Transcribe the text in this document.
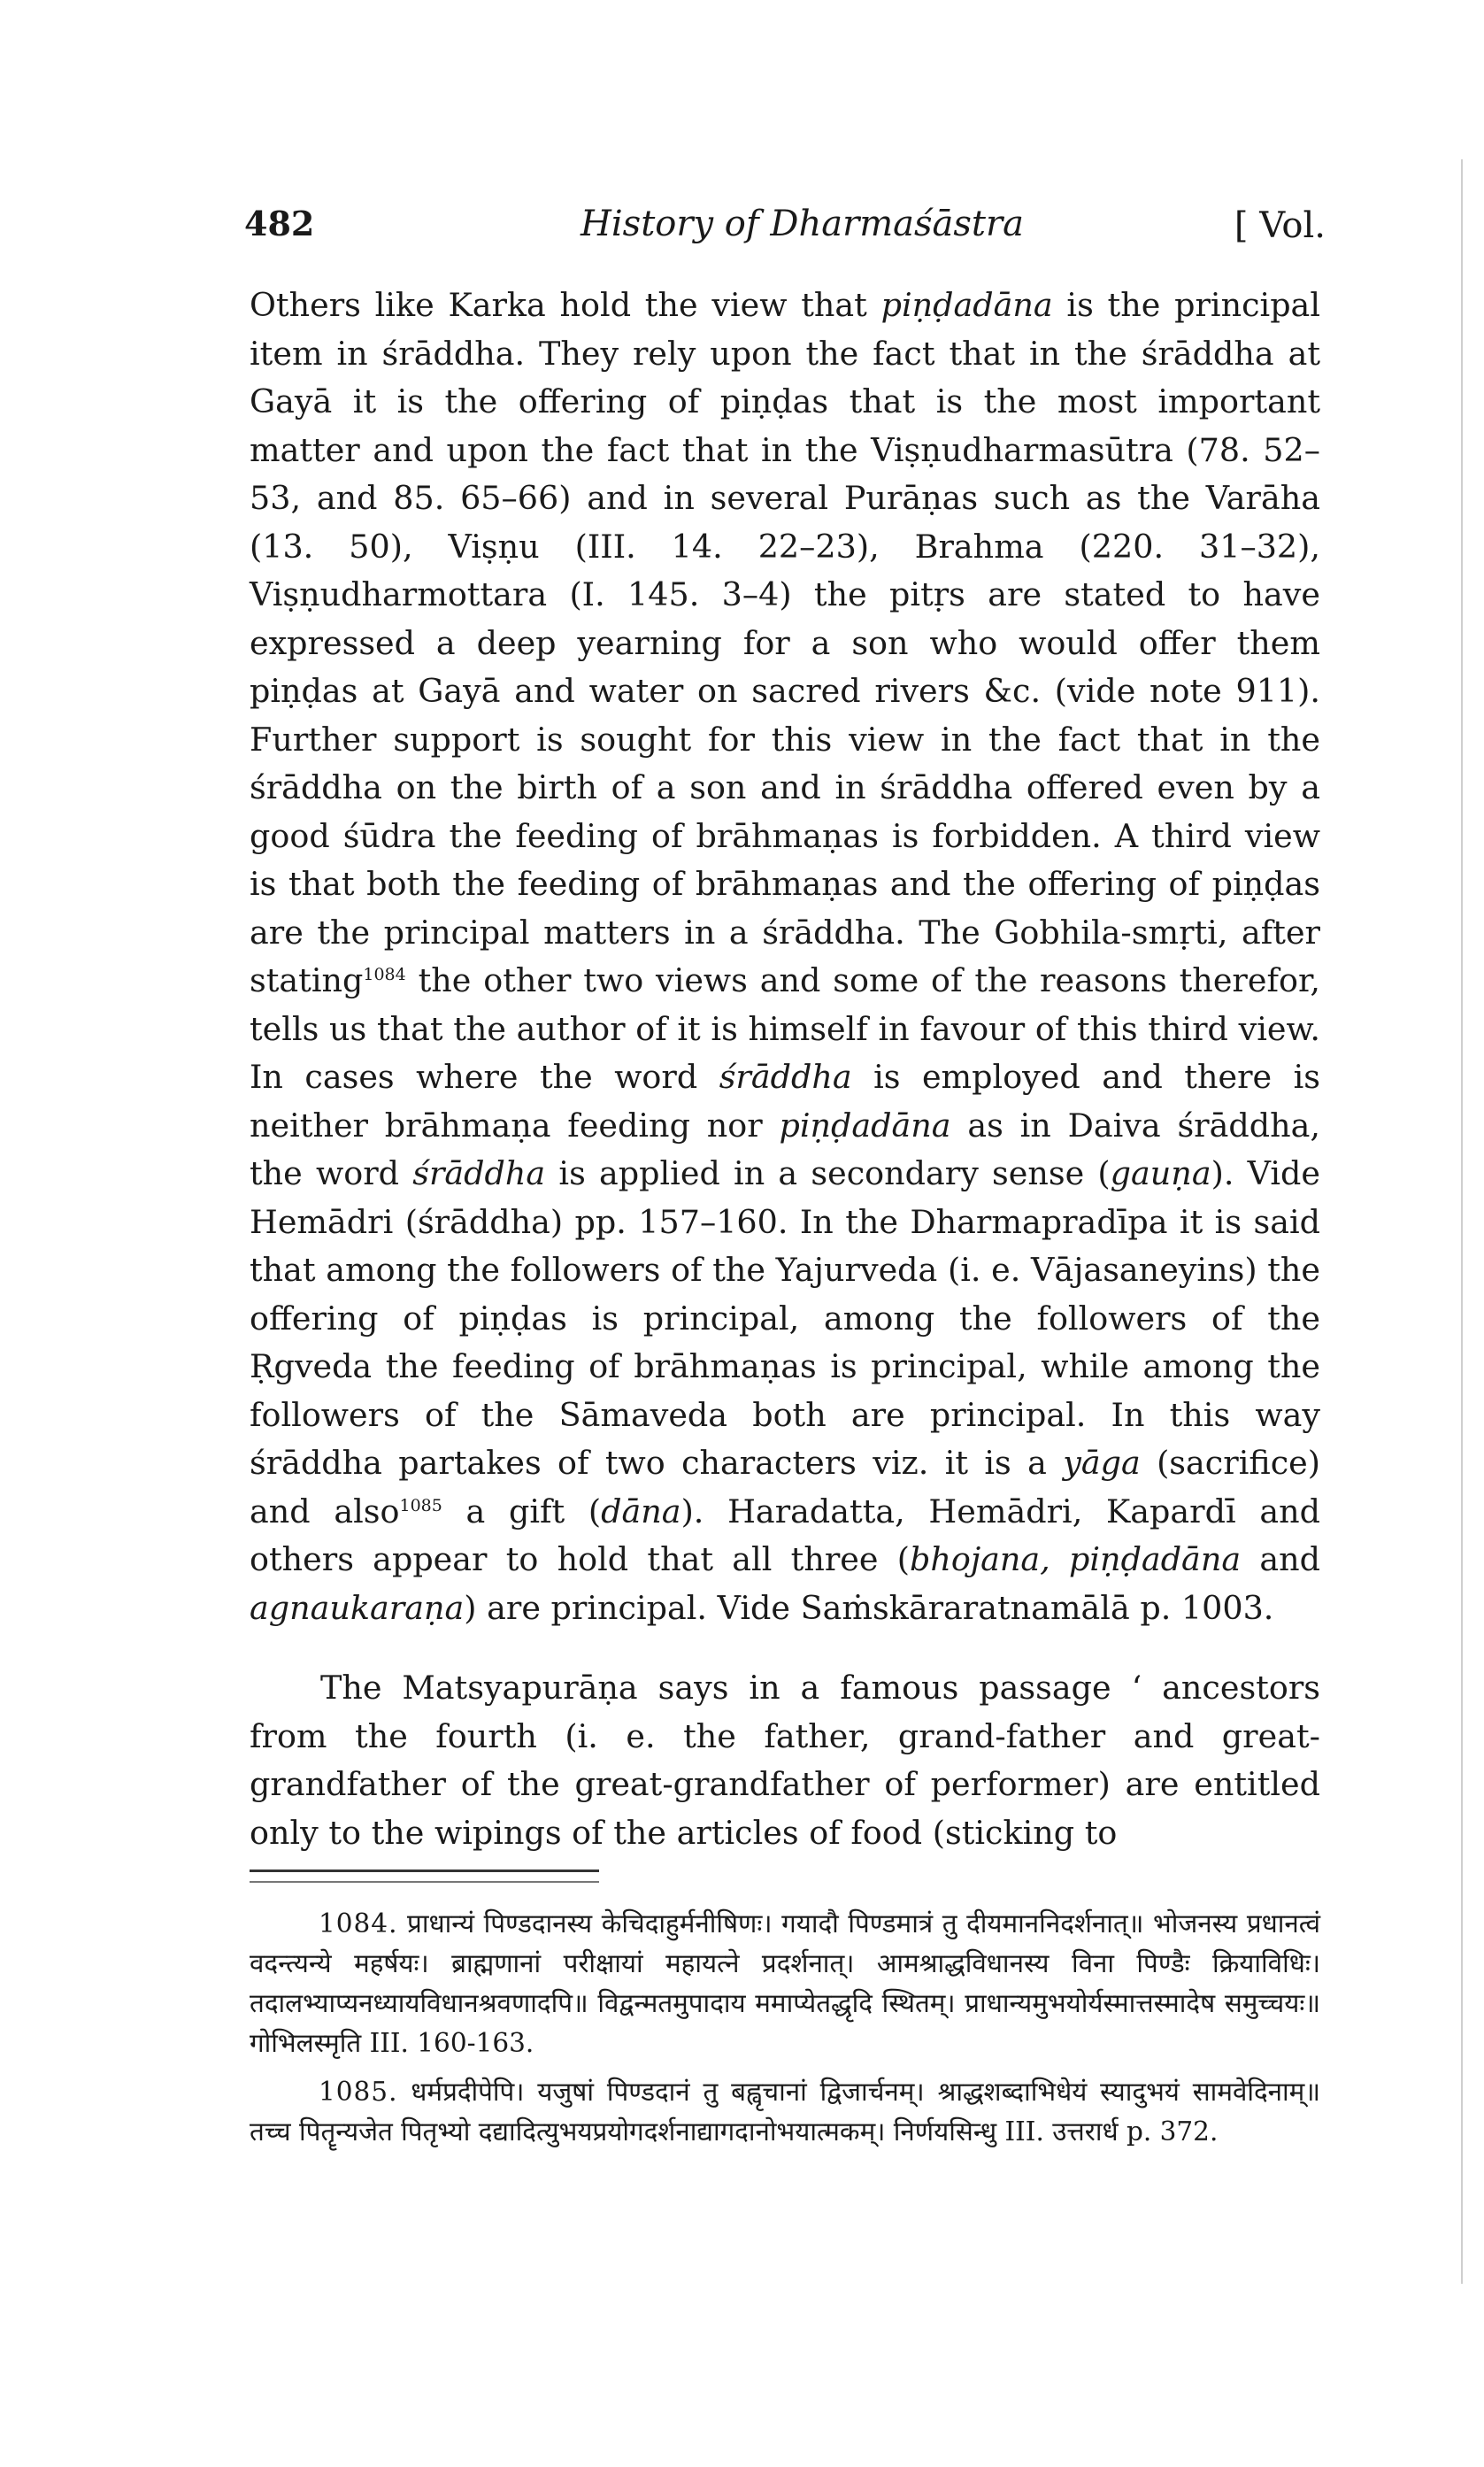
482	History of Dharmaśāstra	[ Vol.

Others like Karka hold the view that piṇḍadāna is the principal item in śrāddha. They rely upon the fact that in the śrāddha at Gayā it is the offering of piṇḍas that is the most important matter and upon the fact that in the Viṣṇudharmasūtra (78. 52–53, and 85. 65–66) and in several Purāṇas such as the Varāha (13. 50), Viṣṇu (III. 14. 22–23), Brahma (220. 31–32), Viṣṇudharmottara (I. 145. 3–4) the pitṛs are stated to have expressed a deep yearning for a son who would offer them piṇḍas at Gayā and water on sacred rivers &c. (vide note 911). Further support is sought for this view in the fact that in the śrāddha on the birth of a son and in śrāddha offered even by a good śūdra the feeding of brāhmaṇas is forbidden. A third view is that both the feeding of brāhmaṇas and the offering of piṇḍas are the principal matters in a śrāddha. The Gobhila-smṛti, after stating$^{1084}$ the other two views and some of the reasons therefor, tells us that the author of it is himself in favour of this third view. In cases where the word śrāddha is employed and there is neither brāhmaṇa feeding nor piṇḍadāna as in Daiva śrāddha, the word śrāddha is applied in a secondary sense (gauṇa). Vide Hemādri (śrāddha) pp. 157–160. In the Dharmapradīpa it is said that among the followers of the Yajurveda (i. e. Vājasaneyins) the offering of piṇḍas is principal, among the followers of the Ṛgveda the feeding of brāhmaṇas is principal, while among the followers of the Sāmaveda both are principal. In this way śrāddha partakes of two characters viz. it is a yāga (sacrifice) and also$^{1085}$ a gift (dāna). Haradatta, Hemādri, Kapardī and others appear to hold that all three (bhojana, piṇḍadāna and agnaukaraṇa) are principal. Vide Saṁskāraratnamālā p. 1003.

The Matsyapurāṇa says in a famous passage ‘ ancestors from the fourth (i. e. the father, grand-father and great-grandfather of the great-grandfather of performer) are entitled only to the wipings of the articles of food (sticking to

1084. प्राधान्यं पिण्डदानस्य केचिदाहुर्मनीषिणः। गयादौ पिण्डमात्रं तु दीयमाननिदर्शनात्॥ भोजनस्य प्रधानत्वं वदन्त्यन्ये महर्षयः। ब्राह्मणानां परीक्षायां महायत्ने प्रदर्शनात्। आमश्राद्धविधानस्य विना पिण्डैः क्रियाविधिः। तदालभ्याप्यनध्यायविधानश्रवणादपि॥ विद्वन्मतमुपादाय ममाप्येतद्धृदि स्थितम्। प्राधान्यमुभयोर्यस्मात्तस्मादेष समुच्चयः॥ गोभिलस्मृति III. 160-163.

1085. धर्मप्रदीपेपि। यजुषां पिण्डदानं तु बह्वृचानां द्विजार्चनम्। श्राद्धशब्दाभिधेयं स्यादुभयं सामवेदिनाम्॥ तच्च पितॄन्यजेत पितृभ्यो दद्यादित्युभयप्रयोगदर्शनाद्यागदानोभयात्मकम्। निर्णयसिन्धु III. उत्तरार्ध p. 372.
